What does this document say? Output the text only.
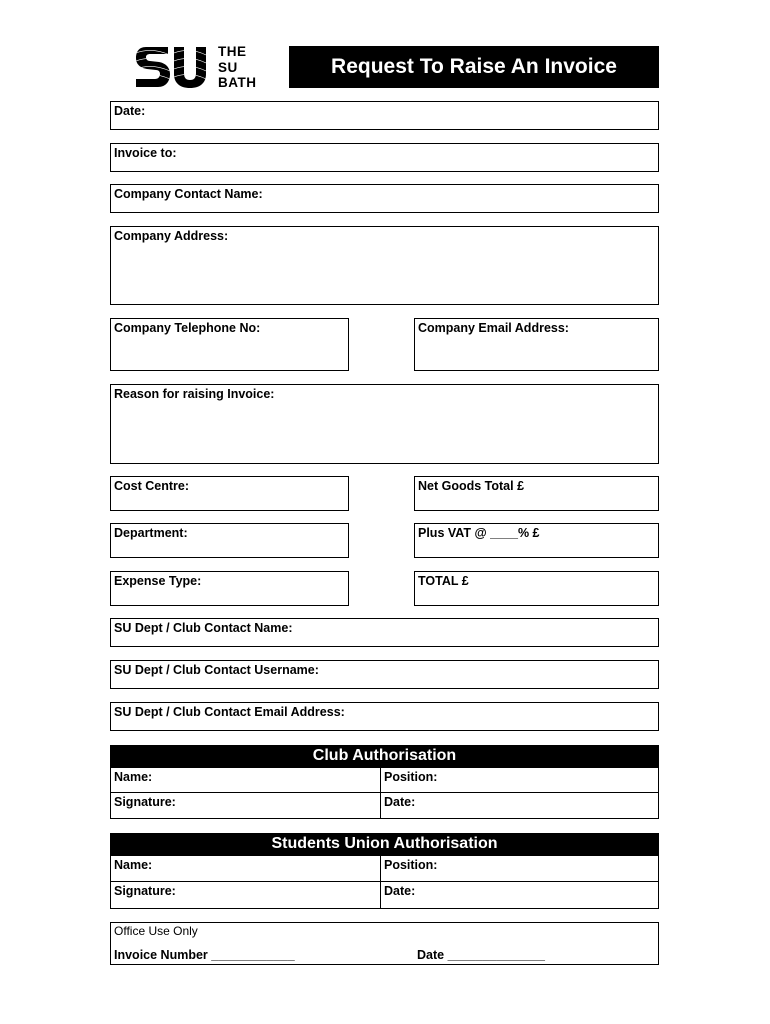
THE
SU
BATH
Request To Raise An Invoice
Date:
Invoice to:
Company Contact Name:
Company Address:
Company Telephone No:	Company Email Address:
Reason for raising Invoice:
Cost Centre:	Net Goods Total £
Department:	Plus VAT @ ____% £
Expense Type:	TOTAL £
SU Dept / Club Contact Name:
SU Dept / Club Contact Username:
SU Dept / Club Contact Email Address:
Club Authorisation
Name:	Position:
Signature:	Date:
Students Union Authorisation
Name:	Position:
Signature:	Date:
Office Use Only
Invoice Number ____________	Date ______________
